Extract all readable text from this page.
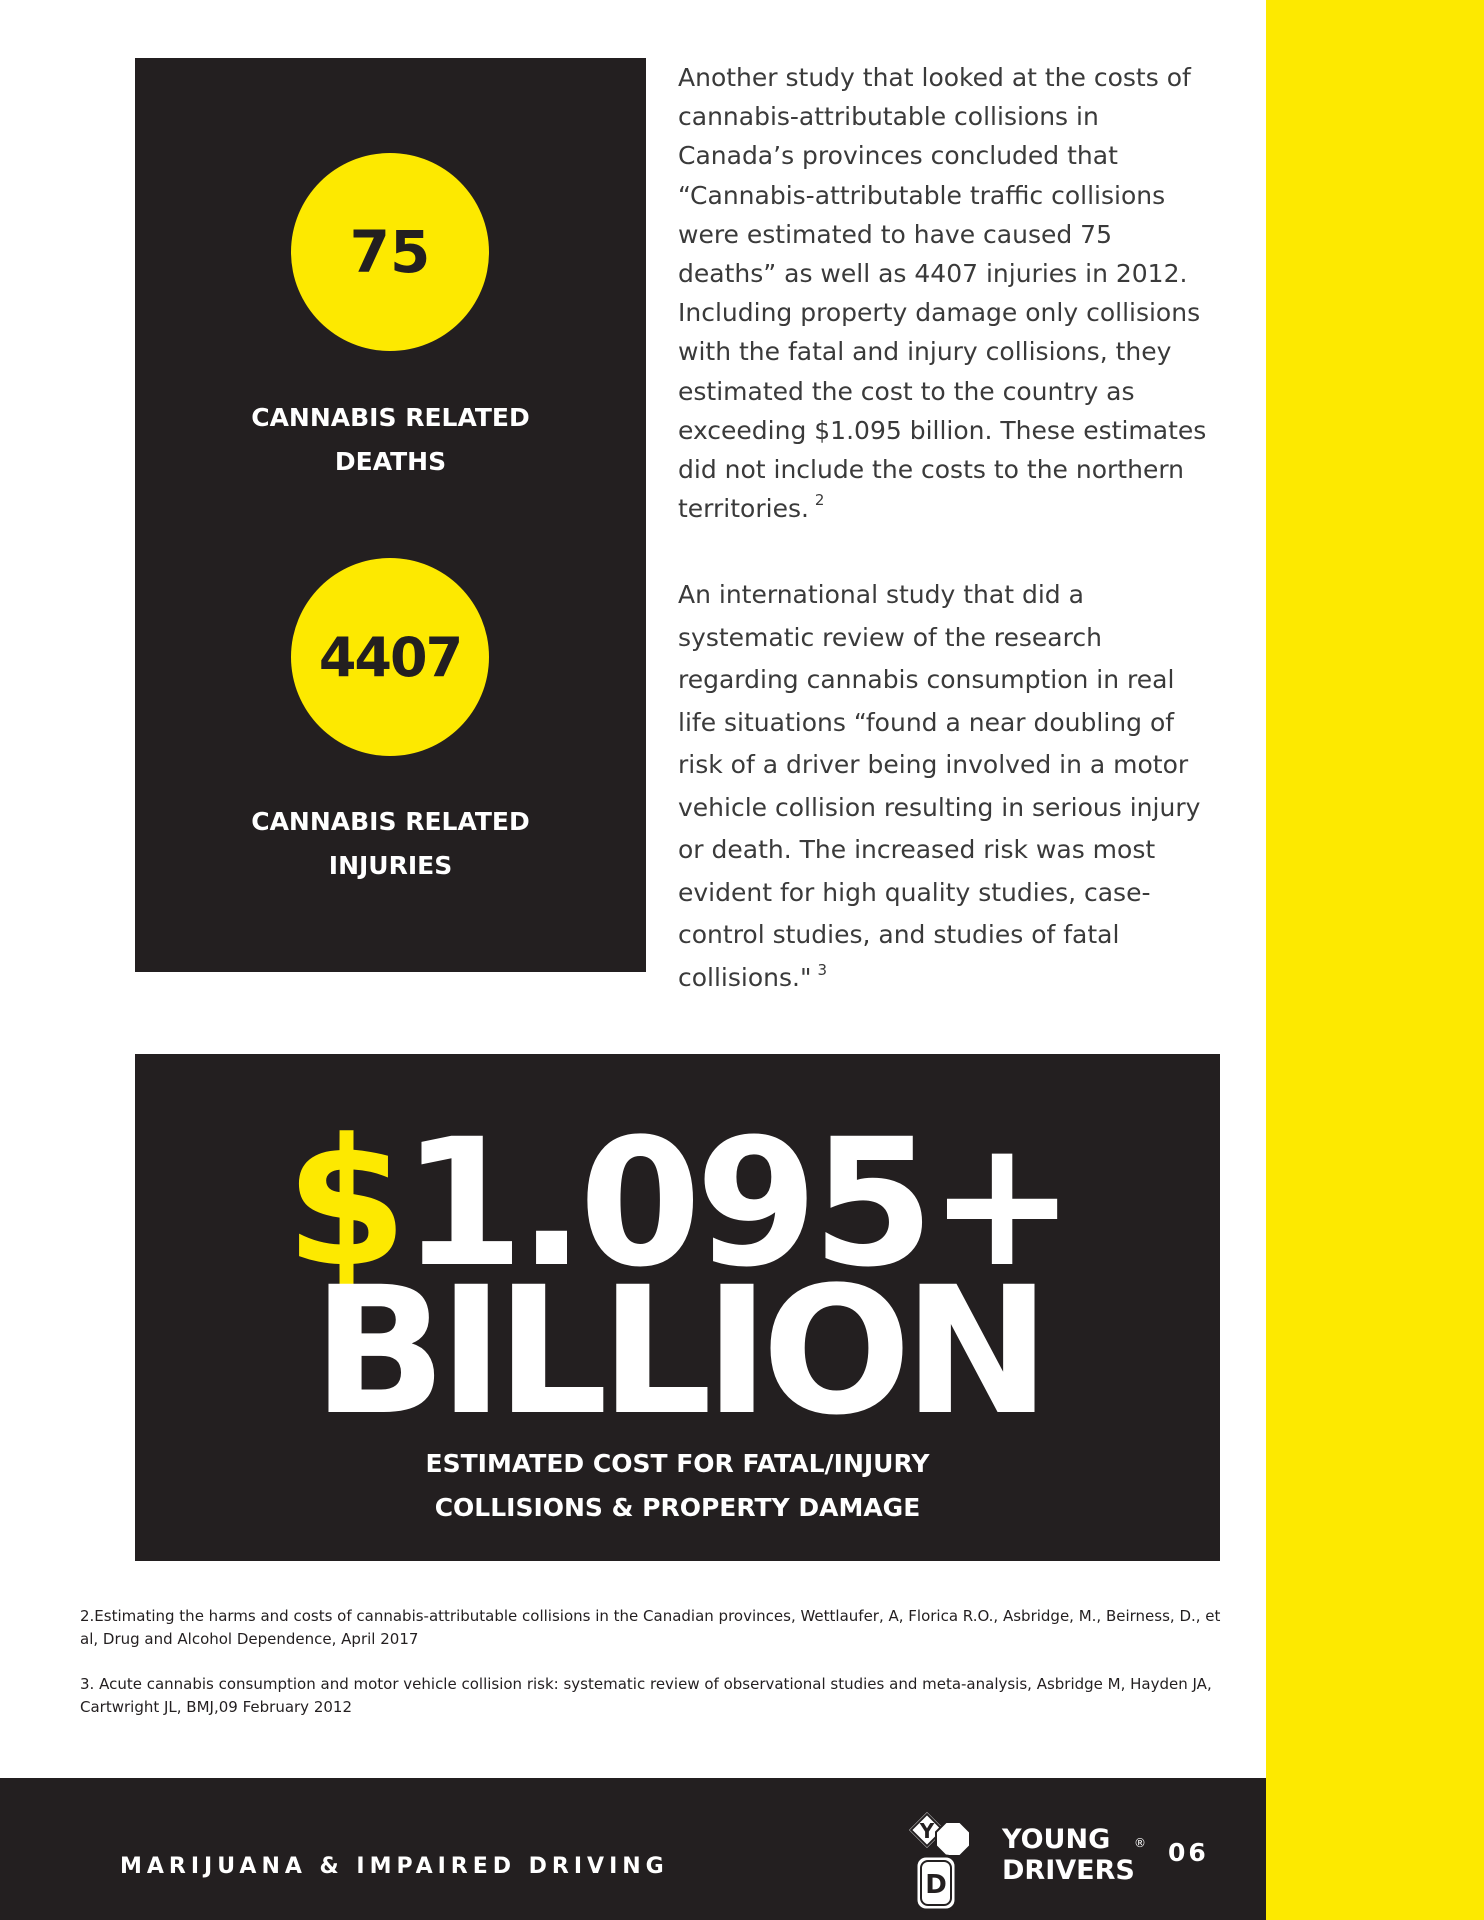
75
CANNABIS RELATED
DEATHS
4407
CANNABIS RELATED
INJURIES
Another study that looked at the costs of
cannabis-attributable collisions in
Canada’s provinces concluded that
“Cannabis-attributable traffic collisions
were estimated to have caused 75
deaths” as well as 4407 injuries in 2012.
Including property damage only collisions
with the fatal and injury collisions, they
estimated the cost to the country as
exceeding $1.095 billion. These estimates
did not include the costs to the northern
territories. $^2$
An international study that did a
systematic review of the research
regarding cannabis consumption in real
life situations “found a near doubling of
risk of a driver being involved in a motor
vehicle collision resulting in serious injury
or death. The increased risk was most
evident for high quality studies, case-
control studies, and studies of fatal
collisions." $^3$
$1.095+
BILLION
ESTIMATED COST FOR FATAL/INJURY
COLLISIONS & PROPERTY DAMAGE
2.Estimating the harms and costs of cannabis-attributable collisions in the Canadian provinces, Wettlaufer, A, Florica R.O., Asbridge, M., Beirness, D., et al, Drug and Alcohol Dependence, April 2017
3. Acute cannabis consumption and motor vehicle collision risk: systematic review of observational studies and meta-analysis, Asbridge M, Hayden JA, Cartwright JL, BMJ,09 February 2012
MARIJUANA & IMPAIRED DRIVING
Y
D
YOUNG
DRIVERS
® 06
